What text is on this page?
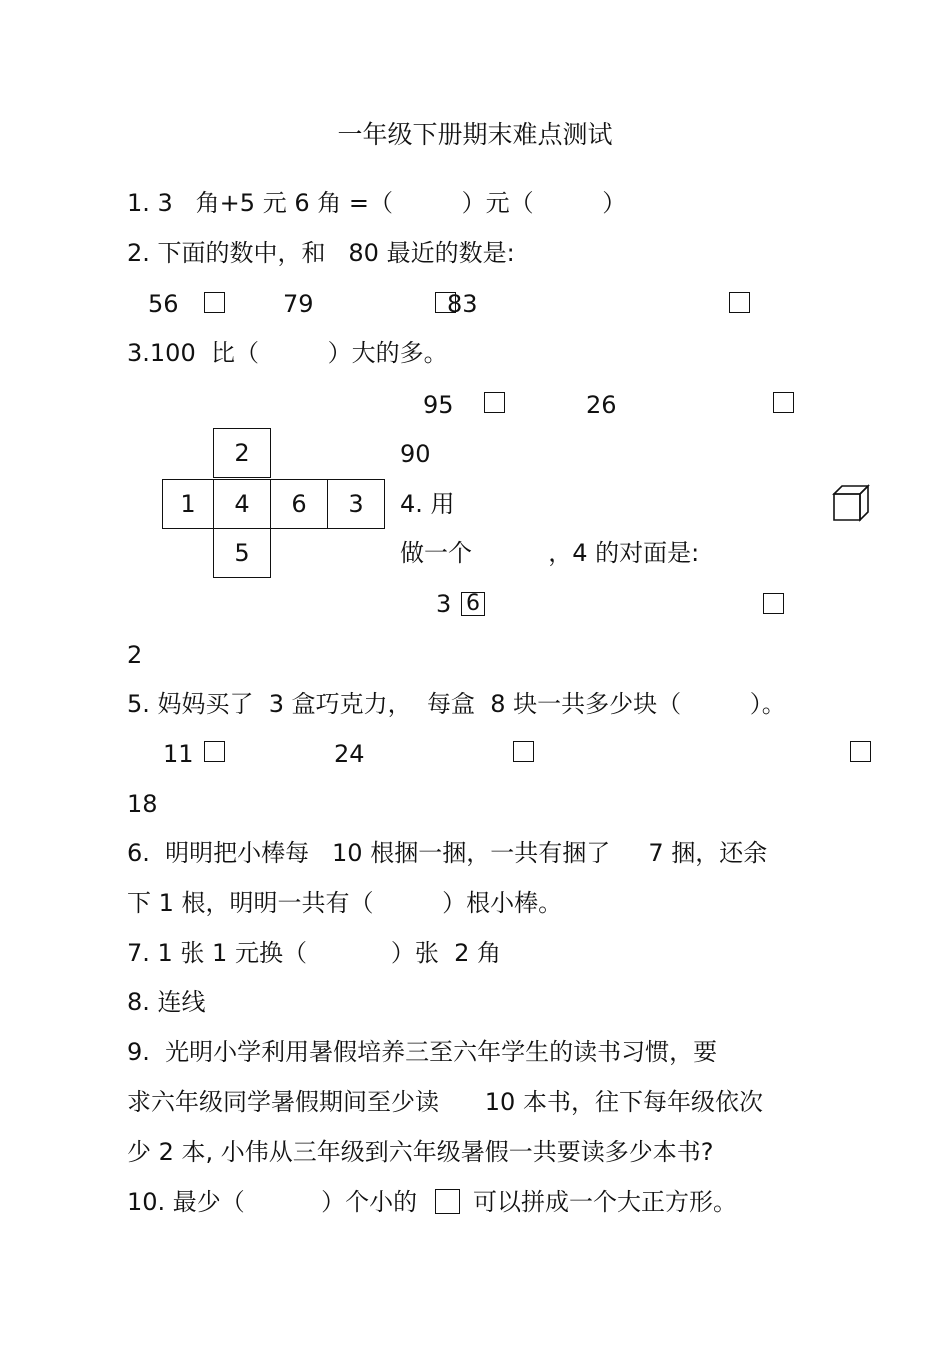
一年级下册期末难点测试
1. 3   角+5 元 6 角 =（         ）元（         ）
2. 下面的数中，和   80 最近的数是:
56	79	83
3.100  比（         ）大的多。
95	26
90
2
1	4	6	3
5
4. 用
做一个          ，4 的对面是:
3 6
2
5. 妈妈买了  3 盒巧克力，  每盒  8 块一共多少块（         ）。
11	24
18
6.  明明把小棒每   10 根捆一捆，一共有捆了     7 捆，还余
下 1 根，明明一共有（         ）根小棒。
7. 1 张 1 元换（           ）张  2 角
8. 连线
9.  光明小学利用暑假培养三至六年学生的读书习惯，要
求六年级同学暑假期间至少读      10 本书，往下每年级依次
少 2 本, 小伟从三年级到六年级暑假一共要读多少本书?
10. 最少（          ）个小的 可以拼成一个大正方形。
